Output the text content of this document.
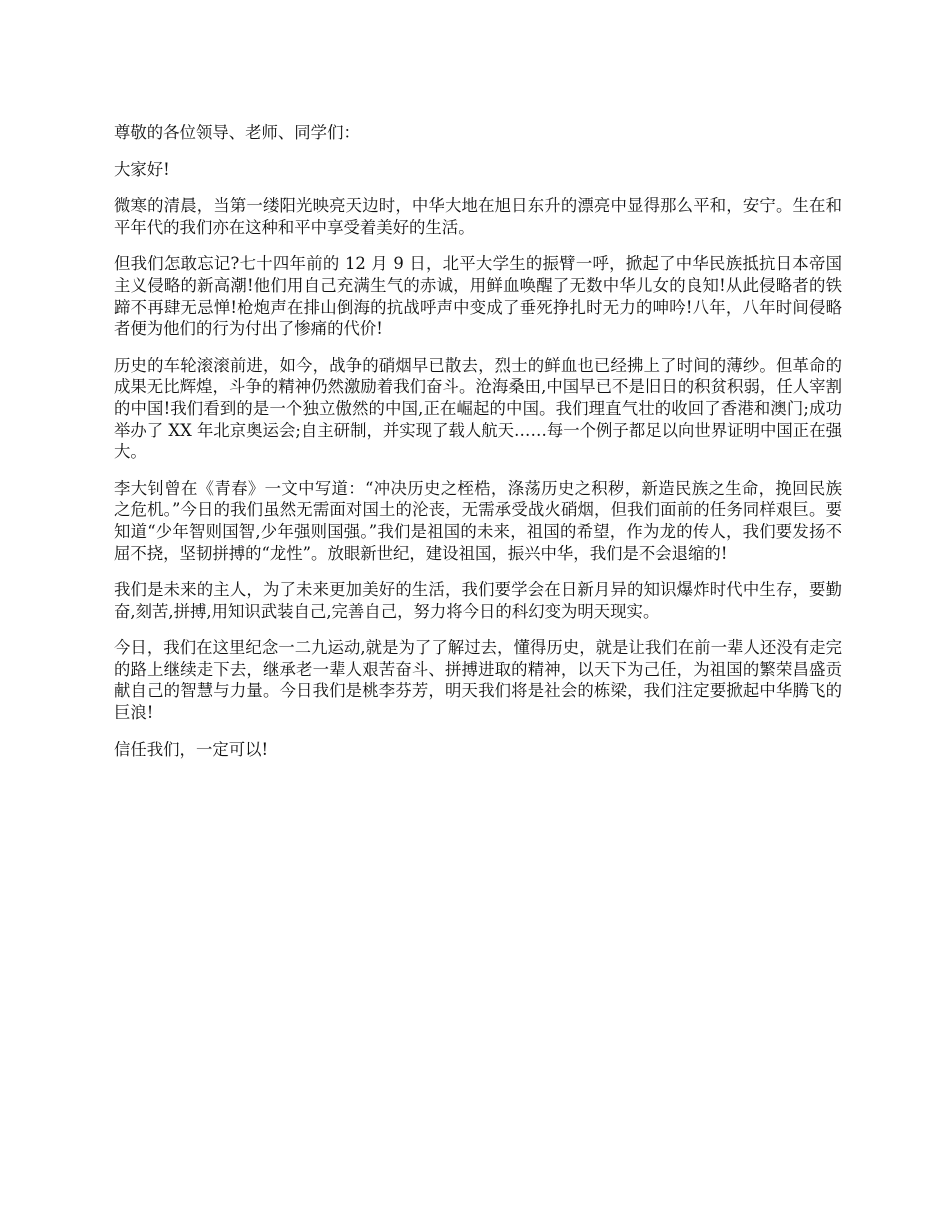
尊敬的各位领导、老师、同学们：

大家好!

微寒的清晨，当第一缕阳光映亮天边时，中华大地在旭日东升的漂亮中显得那么平和，安宁。生在和平年代的我们亦在这种和平中享受着美好的生活。

但我们怎敢忘记?七十四年前的 12 月 9 日，北平大学生的振臂一呼，掀起了中华民族抵抗日本帝国主义侵略的新高潮!他们用自己充满生气的赤诚，用鲜血唤醒了无数中华儿女的良知!从此侵略者的铁蹄不再肆无忌惮!枪炮声在排山倒海的抗战呼声中变成了垂死挣扎时无力的呻吟!八年，八年时间侵略者便为他们的行为付出了惨痛的代价!

历史的车轮滚滚前进，如今，战争的硝烟早已散去，烈士的鲜血也已经拂上了时间的薄纱。但革命的成果无比辉煌，斗争的精神仍然激励着我们奋斗。沧海桑田,中国早已不是旧日的积贫积弱，任人宰割的中国!我们看到的是一个独立傲然的中国,正在崛起的中国。我们理直气壮的收回了香港和澳门;成功举办了 XX 年北京奥运会;自主研制，并实现了载人航天……每一个例子都足以向世界证明中国正在强大。

李大钊曾在《青春》一文中写道：“冲决历史之桎梏，涤荡历史之积秽，新造民族之生命，挽回民族之危机。”今日的我们虽然无需面对国土的沦丧，无需承受战火硝烟，但我们面前的任务同样艰巨。要知道“少年智则国智,少年强则国强。”我们是祖国的未来，祖国的希望，作为龙的传人，我们要发扬不屈不挠，坚韧拼搏的“龙性”。放眼新世纪，建设祖国，振兴中华，我们是不会退缩的!

我们是未来的主人，为了未来更加美好的生活，我们要学会在日新月异的知识爆炸时代中生存，要勤奋,刻苦,拼搏,用知识武装自己,完善自己，努力将今日的科幻变为明天现实。

今日，我们在这里纪念一二九运动,就是为了了解过去，懂得历史，就是让我们在前一辈人还没有走完的路上继续走下去，继承老一辈人艰苦奋斗、拼搏进取的精神，以天下为己任，为祖国的繁荣昌盛贡献自己的智慧与力量。今日我们是桃李芬芳，明天我们将是社会的栋梁，我们注定要掀起中华腾飞的巨浪!

信任我们，一定可以!
